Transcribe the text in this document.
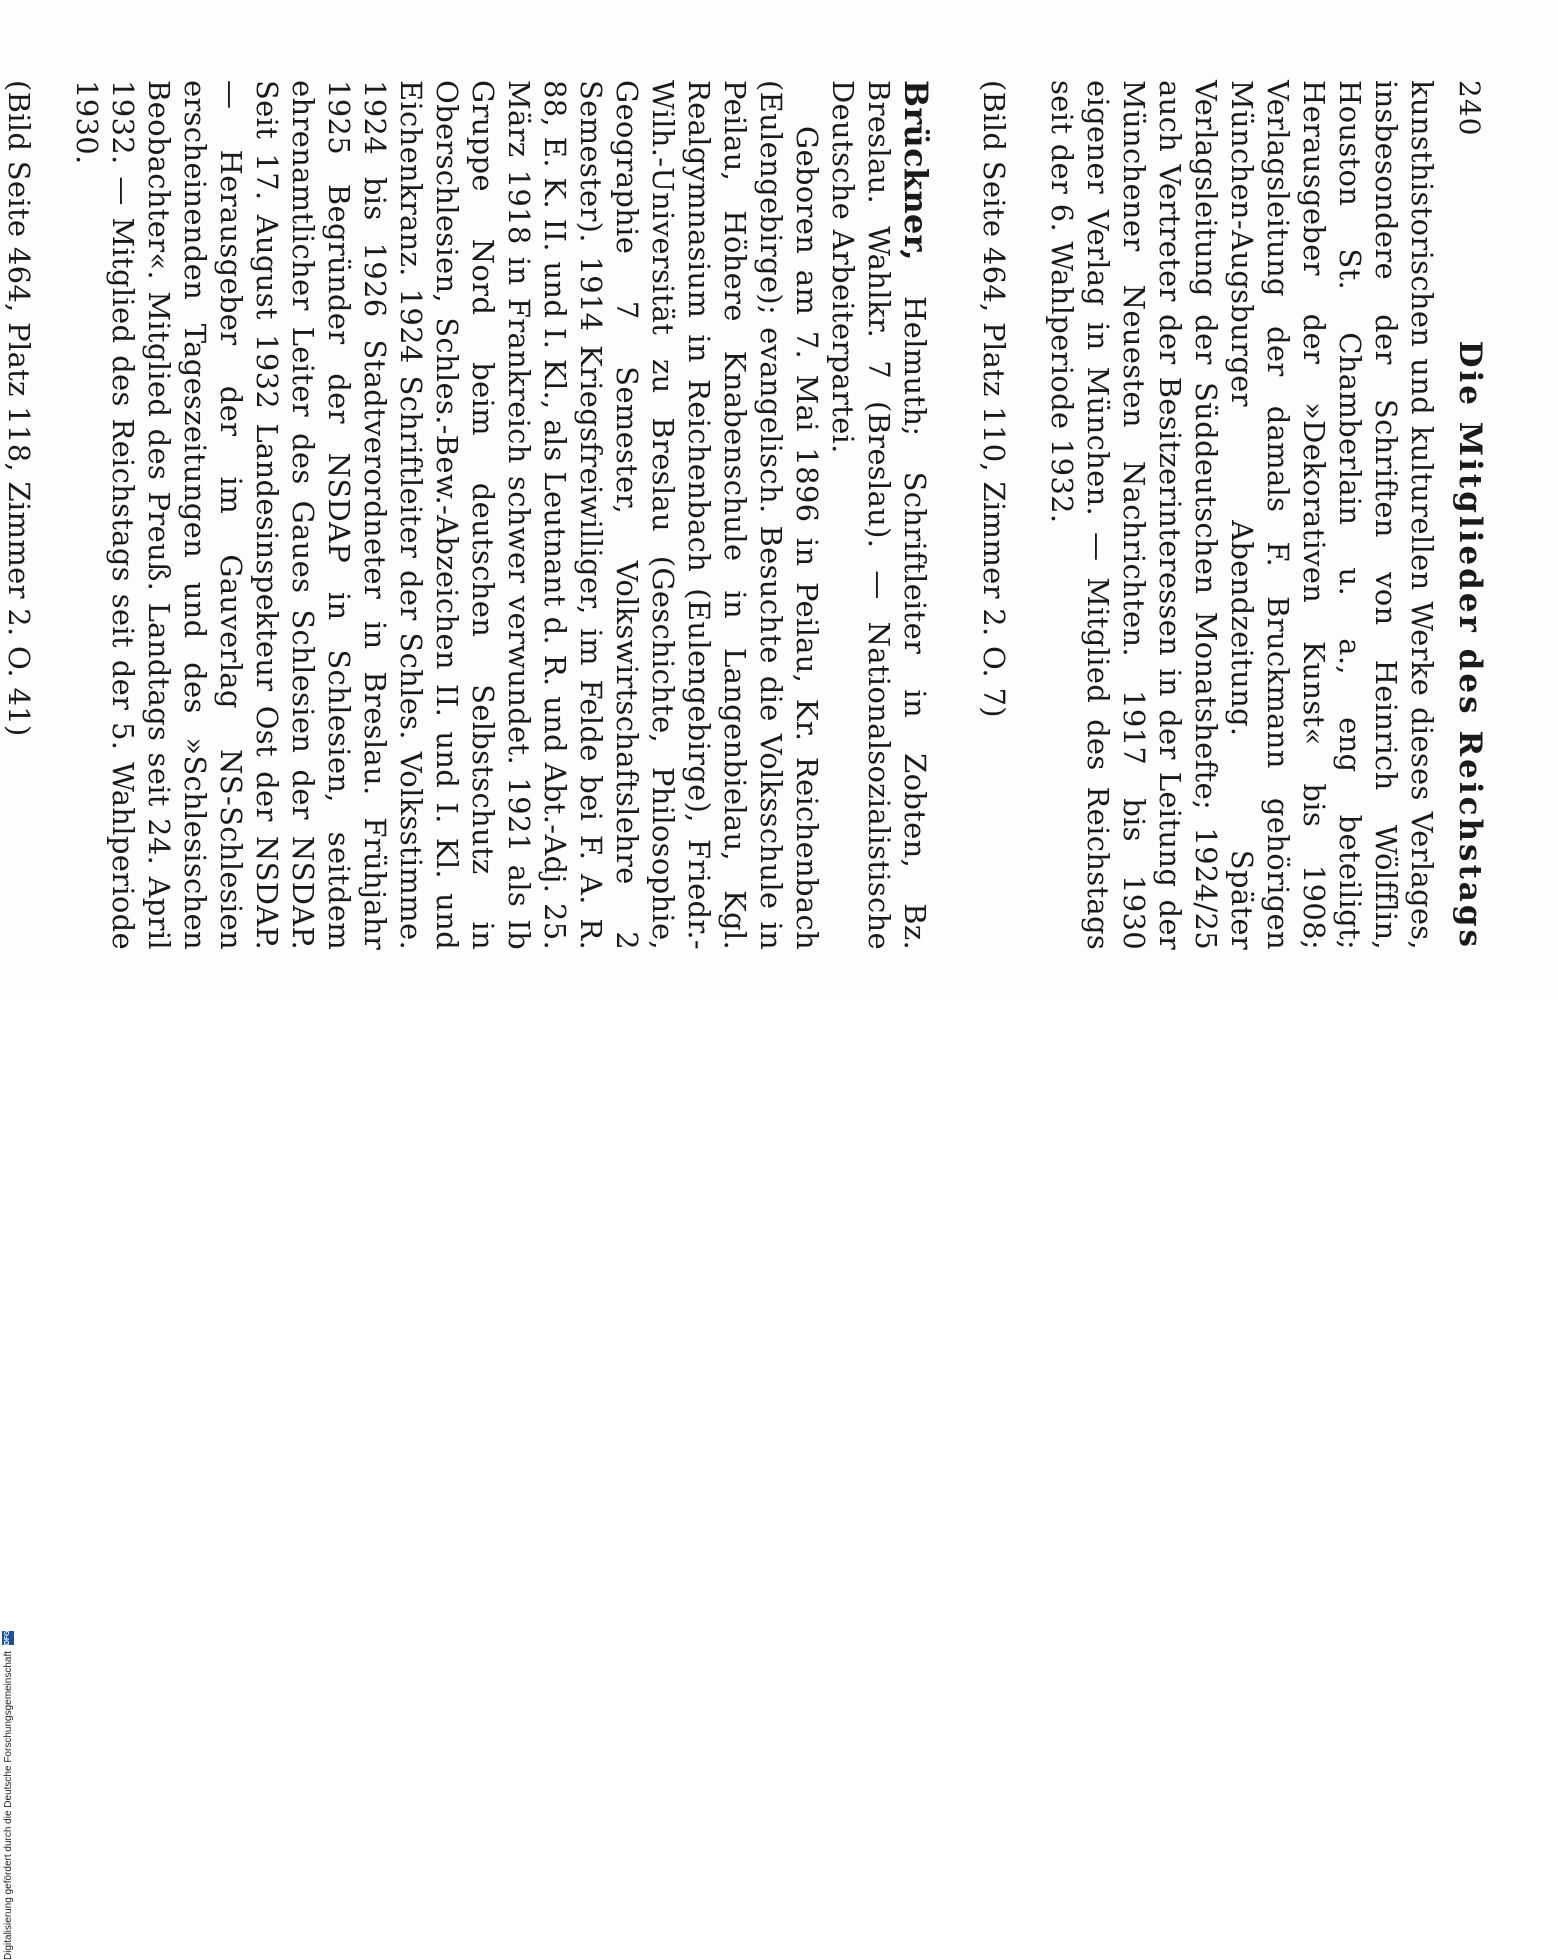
240
Die Mitglieder des Reichstags

kunsthistorischen und kulturellen Werke dieses Verlages, insbesondere der Schriften von Heinrich Wölfflin, Houston St. Chamberlain u. a., eng beteiligt; Herausgeber der »Dekorativen Kunst« bis 1908; Verlagsleitung der damals F. Bruckmann gehörigen München-Augsburger Abendzeitung. Später Verlagsleitung der Süddeutschen Monatshefte; 1924/25 auch Vertreter der Besitzerinteressen in der Leitung der Münchener Neuesten Nachrichten. 1917 bis 1930 eigener Verlag in München. — Mitglied des Reichstags seit der 6. Wahlperiode 1932.

(Bild Seite 464, Platz 110, Zimmer 2. O. 7)

Brückner, Helmuth; Schriftleiter in Zobten, Bz. Breslau. Wahlkr. 7 (Breslau). — Nationalsozialistische Deutsche Arbeiterpartei.

Geboren am 7. Mai 1896 in Peilau, Kr. Reichenbach (Eulengebirge); evangelisch. Besuchte die Volksschule in Peilau, Höhere Knabenschule in Langenbielau, Kgl. Realgymnasium in Reichenbach (Eulengebirge), Friedr.-Wilh.-Universität zu Breslau (Geschichte, Philosophie, Geographie 7 Semester, Volkswirtschaftslehre 2 Semester). 1914 Kriegsfreiwilliger, im Felde bei F. A. R. 88, E. K. II. und I. Kl., als Leutnant d. R. und Abt.-Adj. 25. März 1918 in Frankreich schwer verwundet. 1921 als Ib Gruppe Nord beim deutschen Selbstschutz in Oberschlesien, Schles.-Bew.-Abzeichen II. und I. Kl. und Eichenkranz. 1924 Schriftleiter der Schles. Volksstimme. 1924 bis 1926 Stadtverordneter in Breslau. Frühjahr 1925 Begründer der NSDAP in Schlesien, seitdem ehrenamtlicher Leiter des Gaues Schlesien der NSDAP. Seit 17. August 1932 Landesinspekteur Ost der NSDAP. — Herausgeber der im Gauverlag NS-Schlesien erscheinenden Tageszeitungen und des »Schlesischen Beobachter«. Mitglied des Preuß. Landtags seit 24. April 1932. — Mitglied des Reichstags seit der 5. Wahlperiode 1930.

(Bild Seite 464, Platz 118, Zimmer 2. O. 41)

Digitalisierung gefördert durch die Deutsche Forschungsgemeinschaft DFG
